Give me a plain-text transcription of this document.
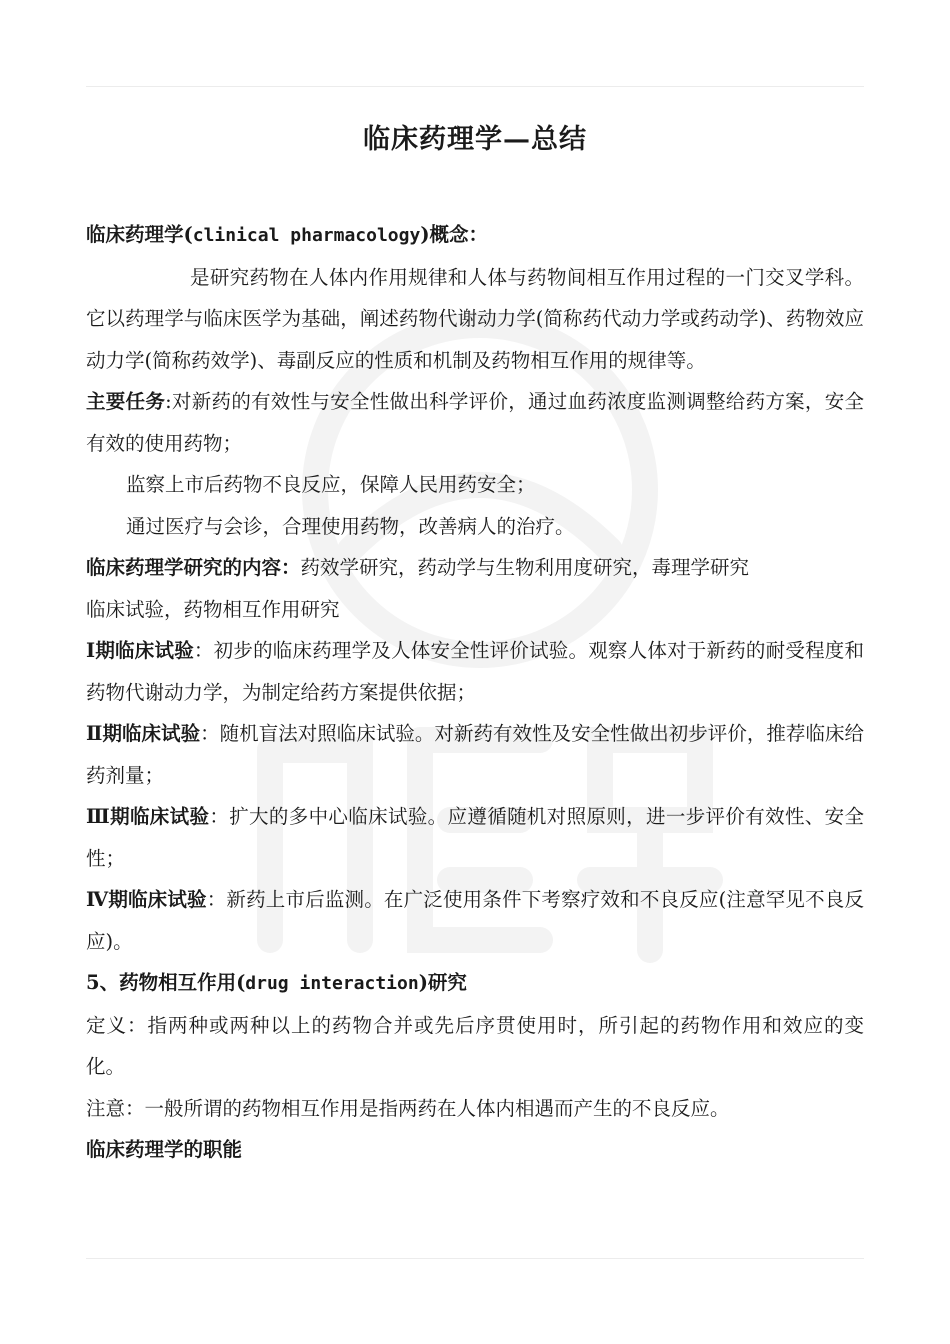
临床药理学—总结

临床药理学(clinical pharmacology)概念：

是研究药物在人体内作用规律和人体与药物间相互作用过程的一门交叉学科。它以药理学与临床医学为基础，阐述药物代谢动力学(简称药代动力学或药动学)、药物效应动力学(简称药效学)、毒副反应的性质和机制及药物相互作用的规律等。

主要任务:对新药的有效性与安全性做出科学评价，通过血药浓度监测调整给药方案，安全有效的使用药物；

监察上市后药物不良反应，保障人民用药安全；

通过医疗与会诊，合理使用药物，改善病人的治疗。

临床药理学研究的内容：药效学研究，药动学与生物利用度研究，毒理学研究

临床试验，药物相互作用研究

Ⅰ期临床试验：初步的临床药理学及人体安全性评价试验。观察人体对于新药的耐受程度和药物代谢动力学，为制定给药方案提供依据；

Ⅱ期临床试验：随机盲法对照临床试验。对新药有效性及安全性做出初步评价，推荐临床给药剂量；

Ⅲ期临床试验：扩大的多中心临床试验。应遵循随机对照原则，进一步评价有效性、安全性；

Ⅳ期临床试验：新药上市后监测。在广泛使用条件下考察疗效和不良反应(注意罕见不良反应)。

5、药物相互作用(drug interaction)研究

定义：指两种或两种以上的药物合并或先后序贯使用时，所引起的药物作用和效应的变化。

注意：一般所谓的药物相互作用是指两药在人体内相遇而产生的不良反应。

临床药理学的职能
